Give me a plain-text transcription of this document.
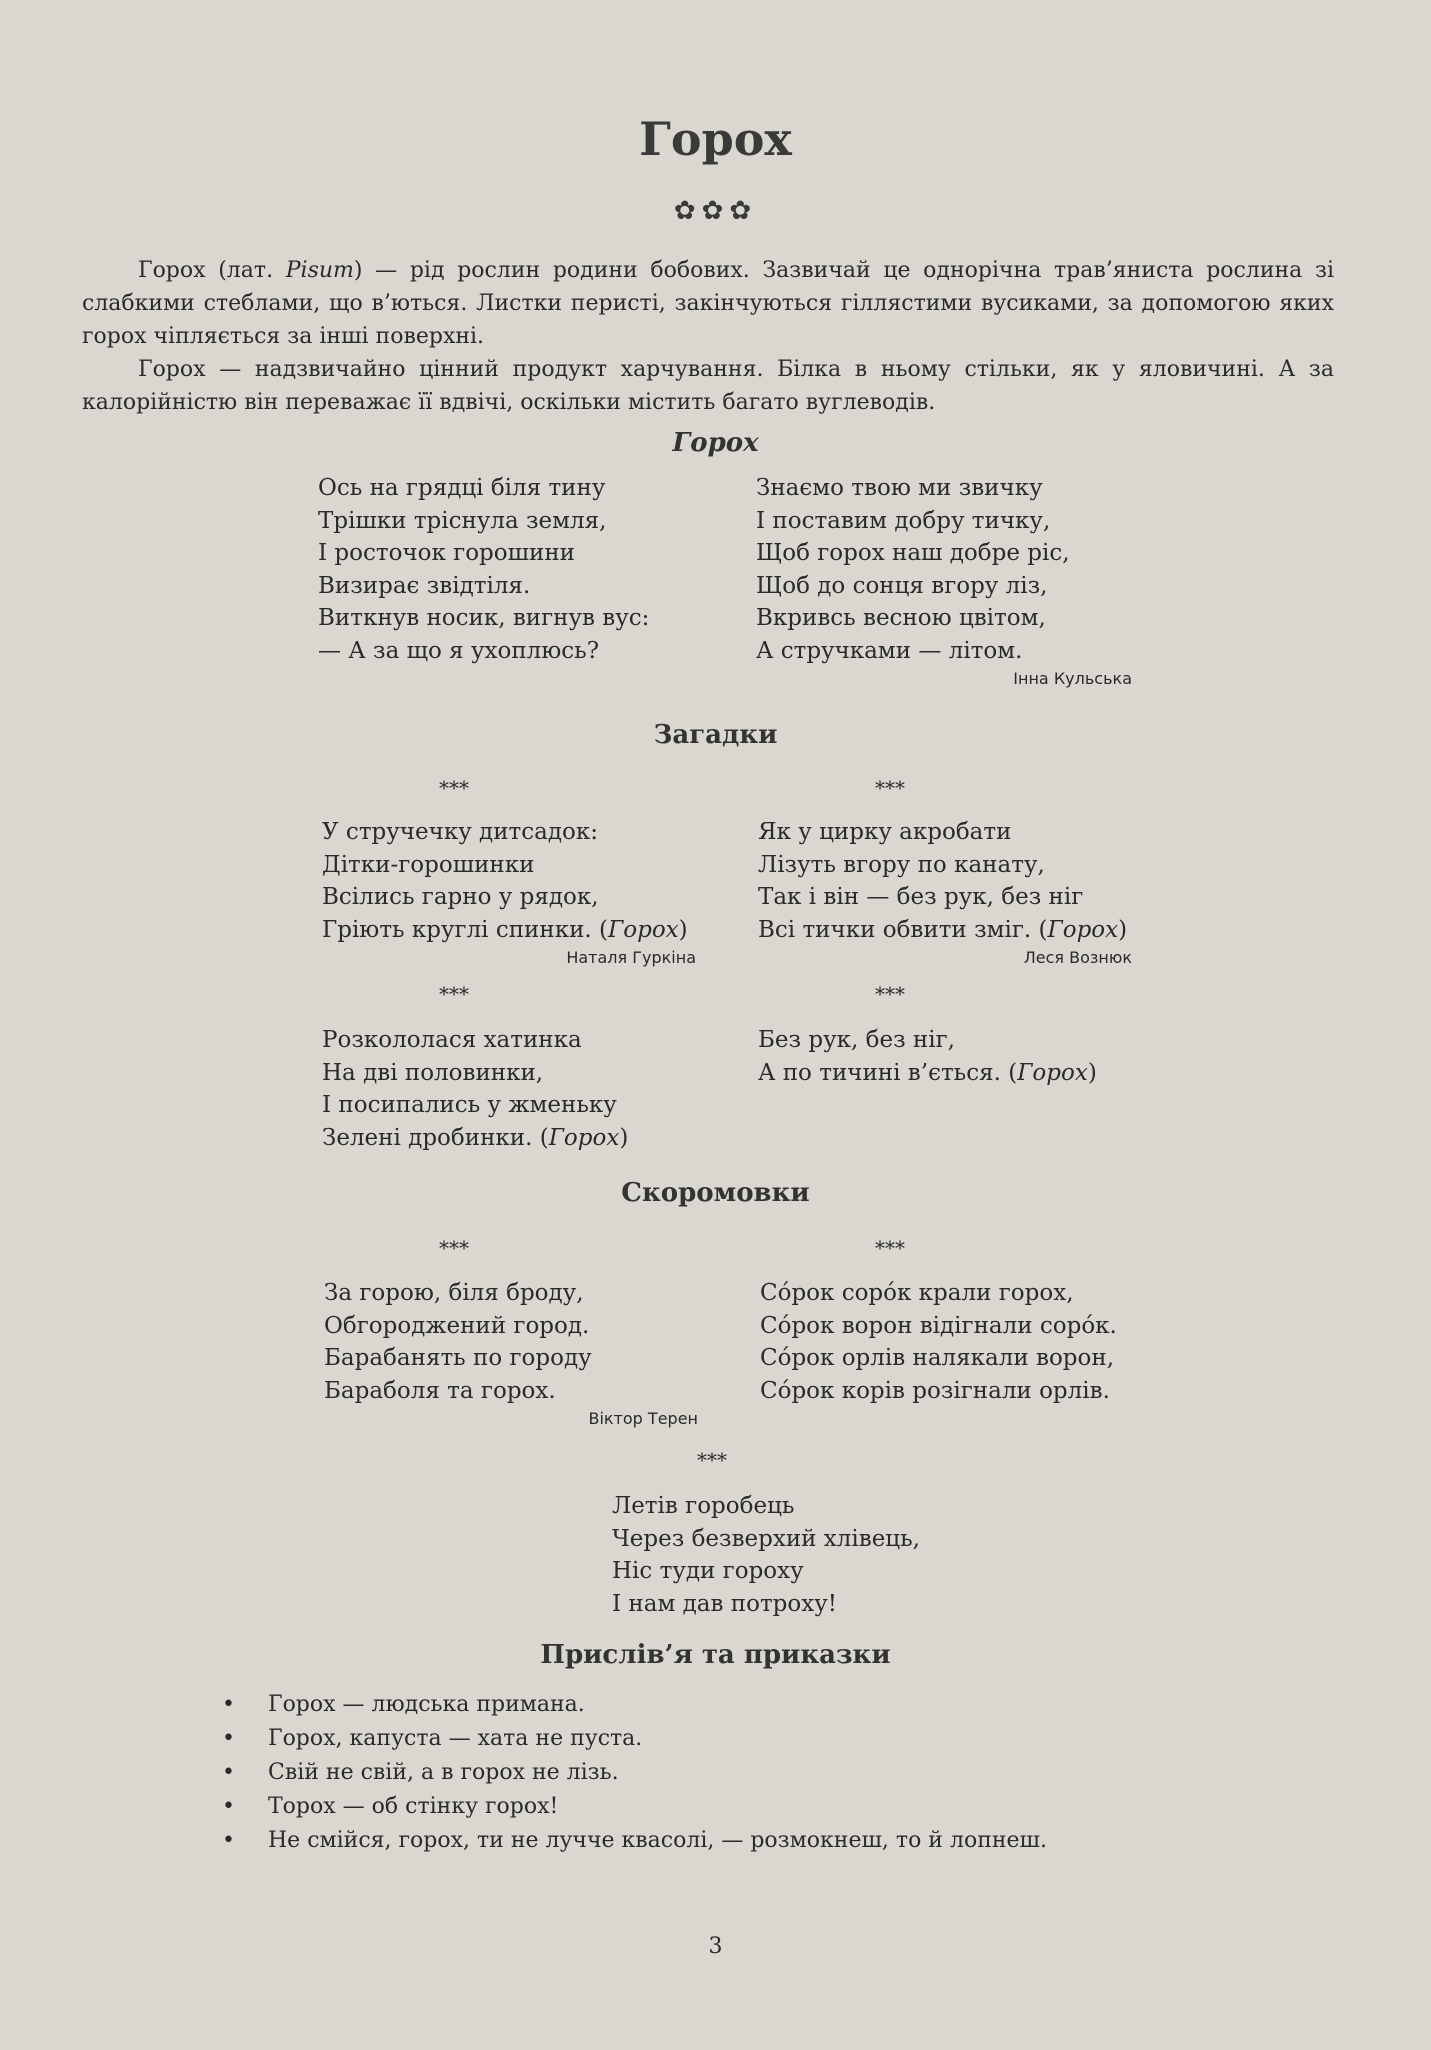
Горох
✿✿✿

Горох (лат. Pisum) — рід рослин родини бобових. Зазвичай це однорічна трав’яниста рослина зі слабкими стеблами, що в’ються. Листки перисті, закінчуються гіллястими вусиками, за допомогою яких горох чіпляється за інші поверхні.

Горох — надзвичайно цінний продукт харчування. Білка в ньому стільки, як у яловичині. А за калорійністю він переважає її вдвічі, оскільки містить багато вуглеводів.

Горох
Ось на грядці біля тину
Трішки тріснула земля,
І росточок горошини
Визирає звідтіля.
Виткнув носик, вигнув вус:
— А за що я ухоплюсь?
Знаємо твою ми звичку
І поставим добру тичку,
Щоб горох наш добре ріс,
Щоб до сонця вгору ліз,
Вкривсь весною цвітом,
А стручками — літом.
Інна Кульська
Загадки
***	***
У стручечку дитсадок:
Дітки-горошинки
Всілись гарно у рядок,
Гріють круглі спинки. (Горох)
Наталя Гуркіна
Як у цирку акробати
Лізуть вгору по канату,
Так і він — без рук, без ніг
Всі тички обвити зміг. (Горох)
Леся Вознюк
***	***
Розкололася хатинка
На дві половинки,
І посипались у жменьку
Зелені дробинки. (Горох)
Без рук, без ніг,
А по тичині в’ється. (Горох)
Скоромовки
***	***
За горою, біля броду,
Обгороджений город.
Барабанять по городу
Бараболя та горох.
Віктор Терен
Сóрок сорóк крали горох,
Сóрок ворон відігнали сорóк.
Сóрок орлів налякали ворон,
Сóрок корів розігнали орлів.
***
Летів горобець
Через безверхий хлівець,
Ніс туди гороху
І нам дав потроху!
Прислів’я та приказки
• Горох — людська примана.
• Горох, капуста — хата не пуста.
• Свій не свій, а в горох не лізь.
• Торох — об стінку горох!
• Не смійся, горох, ти не лучче квасолі, — розмокнеш, то й лопнеш.
3
